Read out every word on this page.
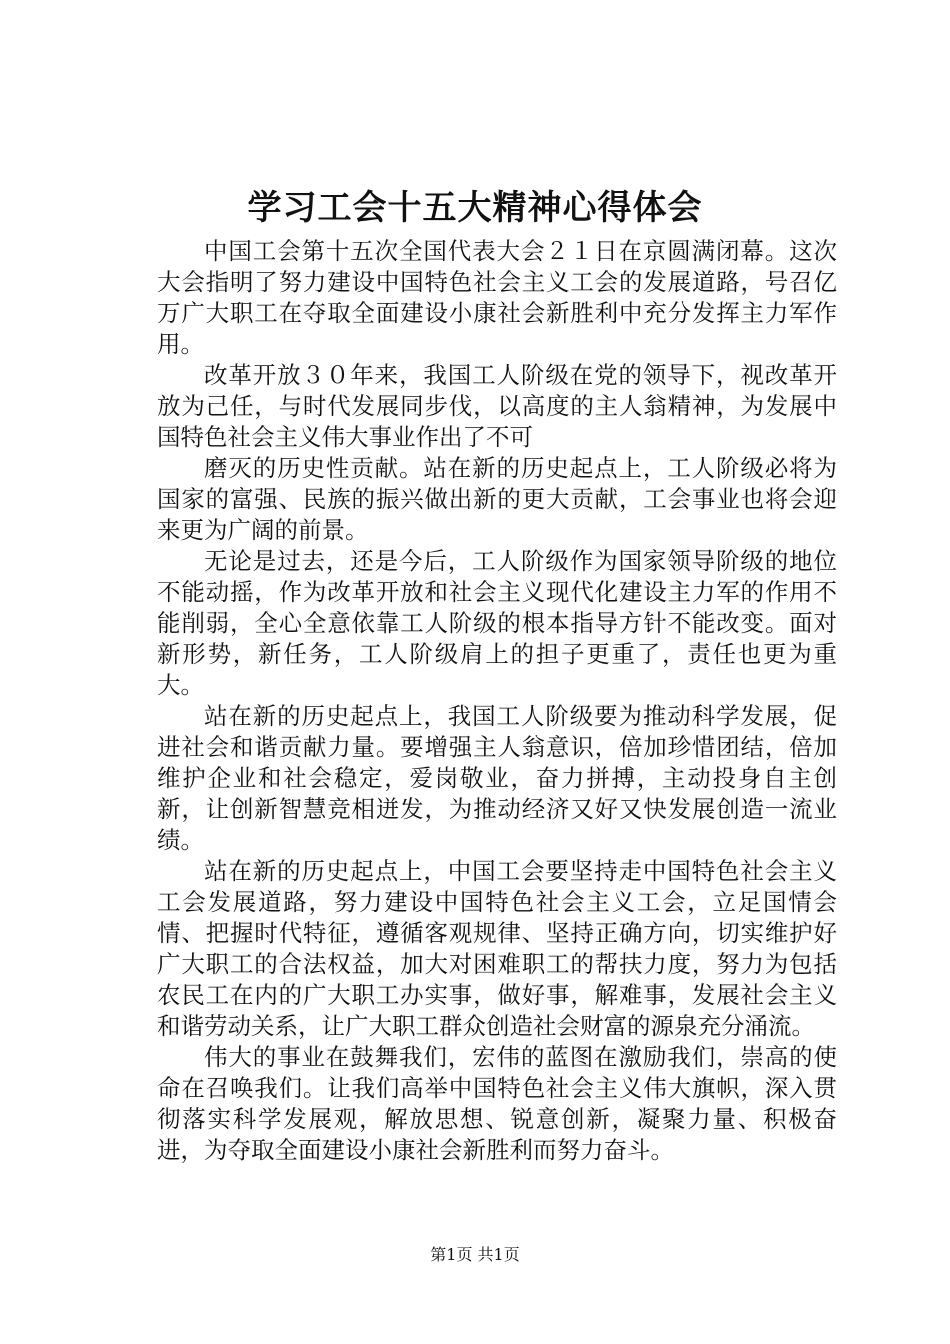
学习工会十五大精神心得体会

中国工会第十五次全国代表大会２１日在京圆满闭幕。这次大会指明了努力建设中国特色社会主义工会的发展道路，号召亿万广大职工在夺取全面建设小康社会新胜利中充分发挥主力军作用。

改革开放３０年来，我国工人阶级在党的领导下，视改革开放为己任，与时代发展同步伐，以高度的主人翁精神，为发展中国特色社会主义伟大事业作出了不可

磨灭的历史性贡献。站在新的历史起点上，工人阶级必将为国家的富强、民族的振兴做出新的更大贡献，工会事业也将会迎来更为广阔的前景。

无论是过去，还是今后，工人阶级作为国家领导阶级的地位不能动摇，作为改革开放和社会主义现代化建设主力军的作用不能削弱，全心全意依靠工人阶级的根本指导方针不能改变。面对新形势，新任务，工人阶级肩上的担子更重了，责任也更为重大。

站在新的历史起点上，我国工人阶级要为推动科学发展，促进社会和谐贡献力量。要增强主人翁意识，倍加珍惜团结，倍加维护企业和社会稳定，爱岗敬业，奋力拼搏，主动投身自主创新，让创新智慧竞相迸发，为推动经济又好又快发展创造一流业绩。

站在新的历史起点上，中国工会要坚持走中国特色社会主义工会发展道路，努力建设中国特色社会主义工会，立足国情会情、把握时代特征，遵循客观规律、坚持正确方向，切实维护好广大职工的合法权益，加大对困难职工的帮扶力度，努力为包括农民工在内的广大职工办实事，做好事，解难事，发展社会主义和谐劳动关系，让广大职工群众创造社会财富的源泉充分涌流。

伟大的事业在鼓舞我们，宏伟的蓝图在激励我们，崇高的使命在召唤我们。让我们高举中国特色社会主义伟大旗帜，深入贯彻落实科学发展观，解放思想、锐意创新，凝聚力量、积极奋进，为夺取全面建设小康社会新胜利而努力奋斗。

第1页 共1页
